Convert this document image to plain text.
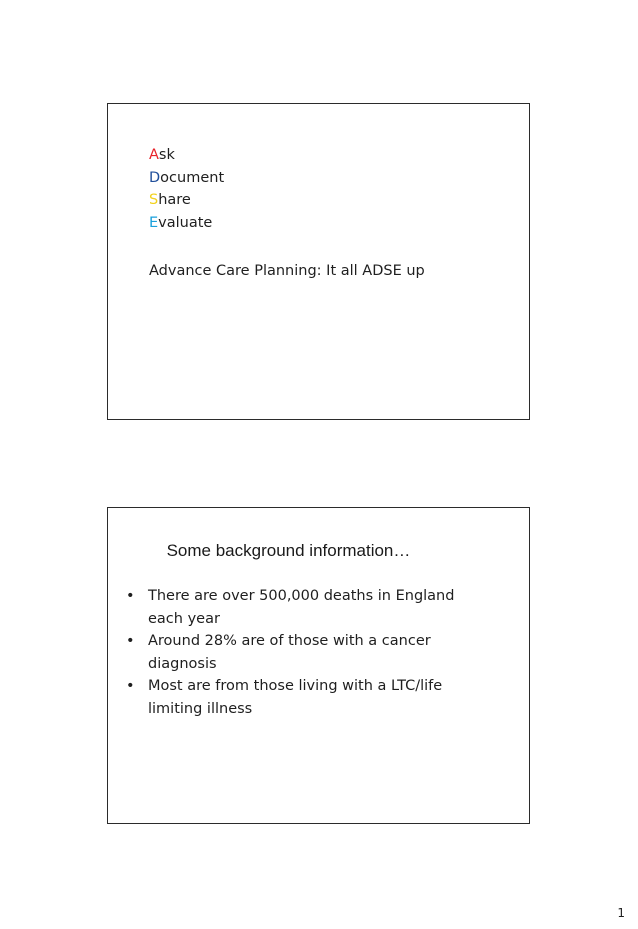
Ask
Document
Share
Evaluate
Advance Care Planning: It all ADSE up
Some background information…
• There are over 500,000 deaths in England each year
• Around 28% are of those with a cancer diagnosis
• Most are from those living with a LTC/life limiting illness
1
